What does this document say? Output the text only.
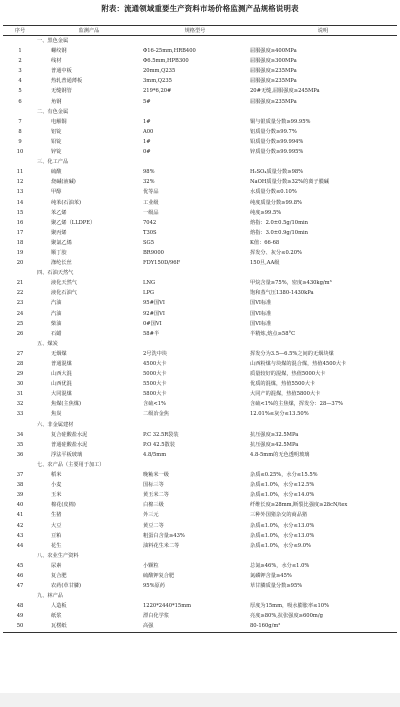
附表：流通领域重要生产资料市场价格监测产品规格说明表
序号	监测产品	规格型号	说明
	一、黑色金属		
1	螺纹钢	Φ16-25mm,HRB400	屈服强度≥400MPa
2	线材	Φ6.5mm,HPB300	屈服强度≥300MPa
3	普通中板	20mm,Q235	屈服强度≥235MPa
4	热轧普通薄板	3mm,Q235	屈服强度≥235MPa
5	无缝钢管	219*6,20#	20#无缝,屈服强度≥245MPa
6	角钢	5#	屈服强度≥235MPa
	二、有色金属		
7	电解铜	1#	铜与银质量分数≥99.95%
8	铝锭	A00	铝质量分数≥99.7%
9	铅锭	1#	铅质量分数≥99.994%
10	锌锭	0#	锌质量分数≥99.995%
	三、化工产品		
11	硫酸	98%	H₂SO₄质量分数≥98%
12	烧碱(液碱)	32%	NaOH质量分数≥32%的离子膜碱
13	甲醇	优等品	水质量分数≤0.10%
14	纯苯(石油苯)	工业级	纯度质量分数≥99.8%
15	苯乙烯	一级品	纯度≥99.5%
16	聚乙烯（LLDPE）	7042	熔指：2.0±0.5g/10min
17	聚丙烯	T30S	熔指：3.0±0.9g/10min
18	聚氯乙烯	SG5	K值：66-68
19	顺丁胶	BR9000	挥发分、灰分≤0.20%
20	涤纶长丝	FDY150D/96F	150旦,AA级
	四、石油天然气		
21	液化天然气	LNG	甲烷含量≥75%，密度≥430kg/m³
22	液化石油气	LPG	饱和蒸气压1380-1430kPa
23	汽油	95#国VI	国VI标准
24	汽油	92#国VI	国VI标准
25	柴油	0#国VI	国VI标准
26	石蜡	58#半	半精炼,熔点≥58°C
	五、煤炭		
27	无烟煤	2号洗中块	挥发分为3.5—6.5%之间的无烟块煤
28	普通混煤	4500大卡	山西粉煤与块煤的混合煤，热值4500大卡
29	山西大混	5000大卡	质量较好的混煤，热值5000大卡
30	山西优混	5500大卡	优质的混煤，热值5500大卡
31	大同混煤	5800大卡	大同产的混煤，热值5800大卡
32	焦煤(主焦煤)	含硫<1%	含硫<1%的主焦煤，挥发分：28—37%
33	焦炭	二级冶金焦	12.01%≤灰分≤13.50%
	六、非金属建材		
34	复合硅酸盐水泥	P.C 32.5R袋装	抗压强度≥32.5MPa
35	普通硅酸盐水泥	P.O 42.5散装	抗压强度≥42.5MPa
36	浮法平板玻璃	4.8/5mm	4.8-5mm的无色透明玻璃
	七、农产品（主要用于加工）		
37	稻米	晚籼米一级	杂质≤0.25%，水分≤15.5%
38	小麦	国标三等	杂质≤1.0%，水分≤12.5%
39	玉米	黄玉米二等	杂质≤1.0%，水分≤14.0%
40	棉花(皮棉)	白棉三级	纤维长度≥28mm,断裂比强度≥28cN/tex
41	生猪	外三元	三种外国猪杂交的商品猪
42	大豆	黄豆二等	杂质≤1.0%，水分≤13.0%
43	豆粕	粗蛋白含量≥43%	杂质≤1.0%，水分≤13.0%
44	花生	油料花生米二等	杂质≤1.0%，水分≤9.0%
	八、农业生产资料		
45	尿素	小颗粒	总氮≥46%，水分≤1.0%
46	复合肥	硫酸钾复合肥	氮磷钾含量≥45%
47	农药(草甘膦)	95%原药	草甘膦质量分数≥95%
	九、林产品		
48	人造板	1220*2440*15mm	厚度为15mm，吸水膨胀率≤10%
49	纸浆	漂白化学浆	亮度≥80%,抗张强度≥600m/g
50	瓦楞纸	高强	80-160g/m²
